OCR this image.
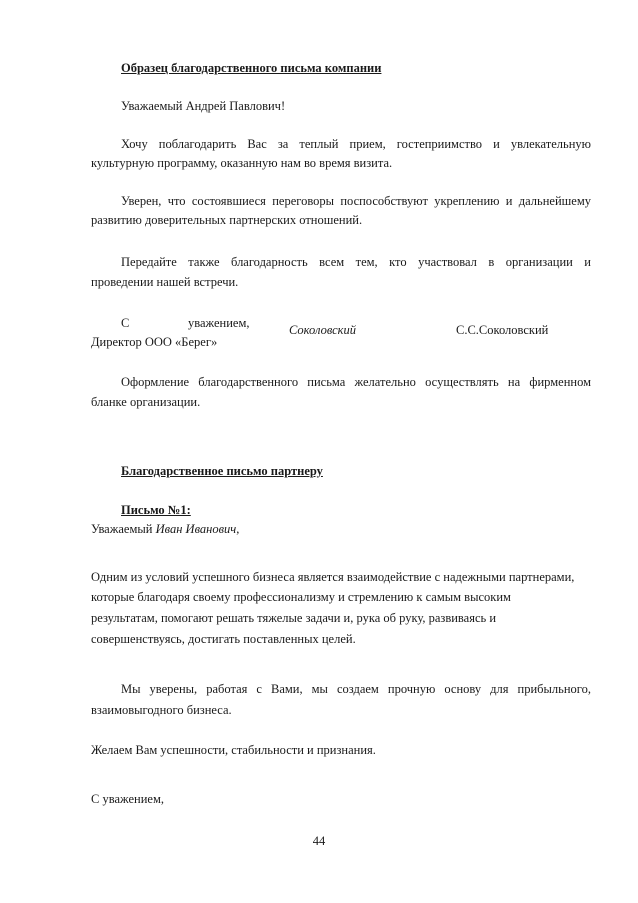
Образец благодарственного письма компании
Уважаемый Андрей Павлович!
Хочу поблагодарить Вас за теплый прием, гостеприимство и увлекательную
культурную программу, оказанную нам во время визита.
Уверен, что состоявшиеся переговоры поспособствуют укреплению и дальнейшему
развитию доверительных партнерских отношений.
Передайте также благодарность всем тем, кто участвовал в организации и
проведении нашей встречи.
С	уважением,
Директор ООО «Берег»
Соколовский	С.С.Соколовский
Оформление благодарственного письма желательно осуществлять на фирменном
бланке организации.
Благодарственное письмо партнеру
Письмо №1:
Уважаемый Иван Иванович,
Одним из условий успешного бизнеса является взаимодействие с надежными партнерами,
которые благодаря своему профессионализму и стремлению к самым высоким
результатам, помогают решать тяжелые задачи и, рука об руку, развиваясь и
совершенствуясь, достигать поставленных целей.
Мы уверены, работая с Вами, мы создаем прочную основу для прибыльного,
взаимовыгодного бизнеса.
Желаем Вам успешности, стабильности и признания.
С уважением,
44
